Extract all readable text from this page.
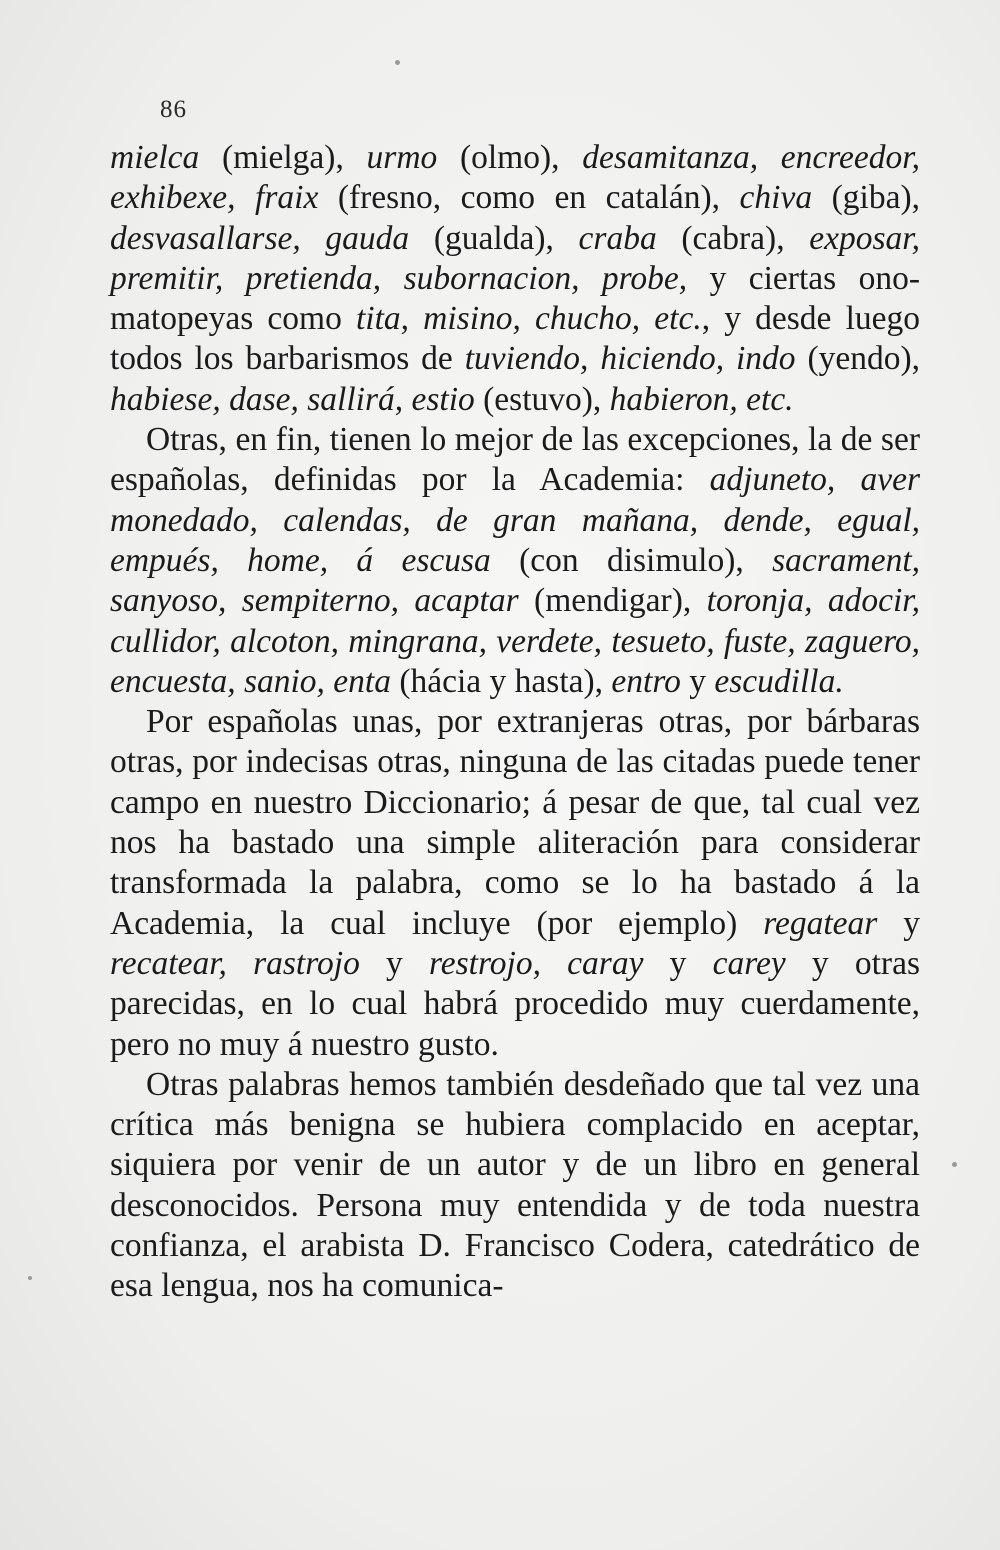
86

mielca (mielga), urmo (olmo), desamitanza, encreedor, exhibexe, fraix (fresno, como en catalán), chiva (giba), desvasallarse, gauda (gualda), craba (cabra), exposar, premitir, pretienda, subornacion, probe, y ciertas onomatopeyas como tita, misino, chucho, etc., y desde luego todos los barbarismos de tuviendo, hiciendo, indo (yendo), habiese, dase, sallirá, estio (estuvo), habieron, etc.

Otras, en fin, tienen lo mejor de las excepciones, la de ser españolas, definidas por la Academia: adjuneto, aver monedado, calendas, de gran mañana, dende, egual, empués, home, á escusa (con disimulo), sacrament, sanyoso, sempiterno, acaptar (mendigar), toronja, adocir, cullidor, alcoton, mingrana, verdete, tesueto, fuste, zaguero, encuesta, sanio, enta (hácia y hasta), entro y escudilla.

Por españolas unas, por extranjeras otras, por bárbaras otras, por indecisas otras, ninguna de las citadas puede tener campo en nuestro Diccionario; á pesar de que, tal cual vez nos ha bastado una simple aliteración para considerar transformada la palabra, como se lo ha bastado á la Academia, la cual incluye (por ejemplo) regatear y recatear, rastrojo y restrojo, caray y carey y otras parecidas, en lo cual habrá procedido muy cuerdamente, pero no muy á nuestro gusto.

Otras palabras hemos también desdeñado que tal vez una crítica más benigna se hubiera complacido en aceptar, siquiera por venir de un autor y de un libro en general desconocidos. Persona muy entendida y de toda nuestra confianza, el arabista D. Francisco Codera, catedrático de esa lengua, nos ha comunica-
